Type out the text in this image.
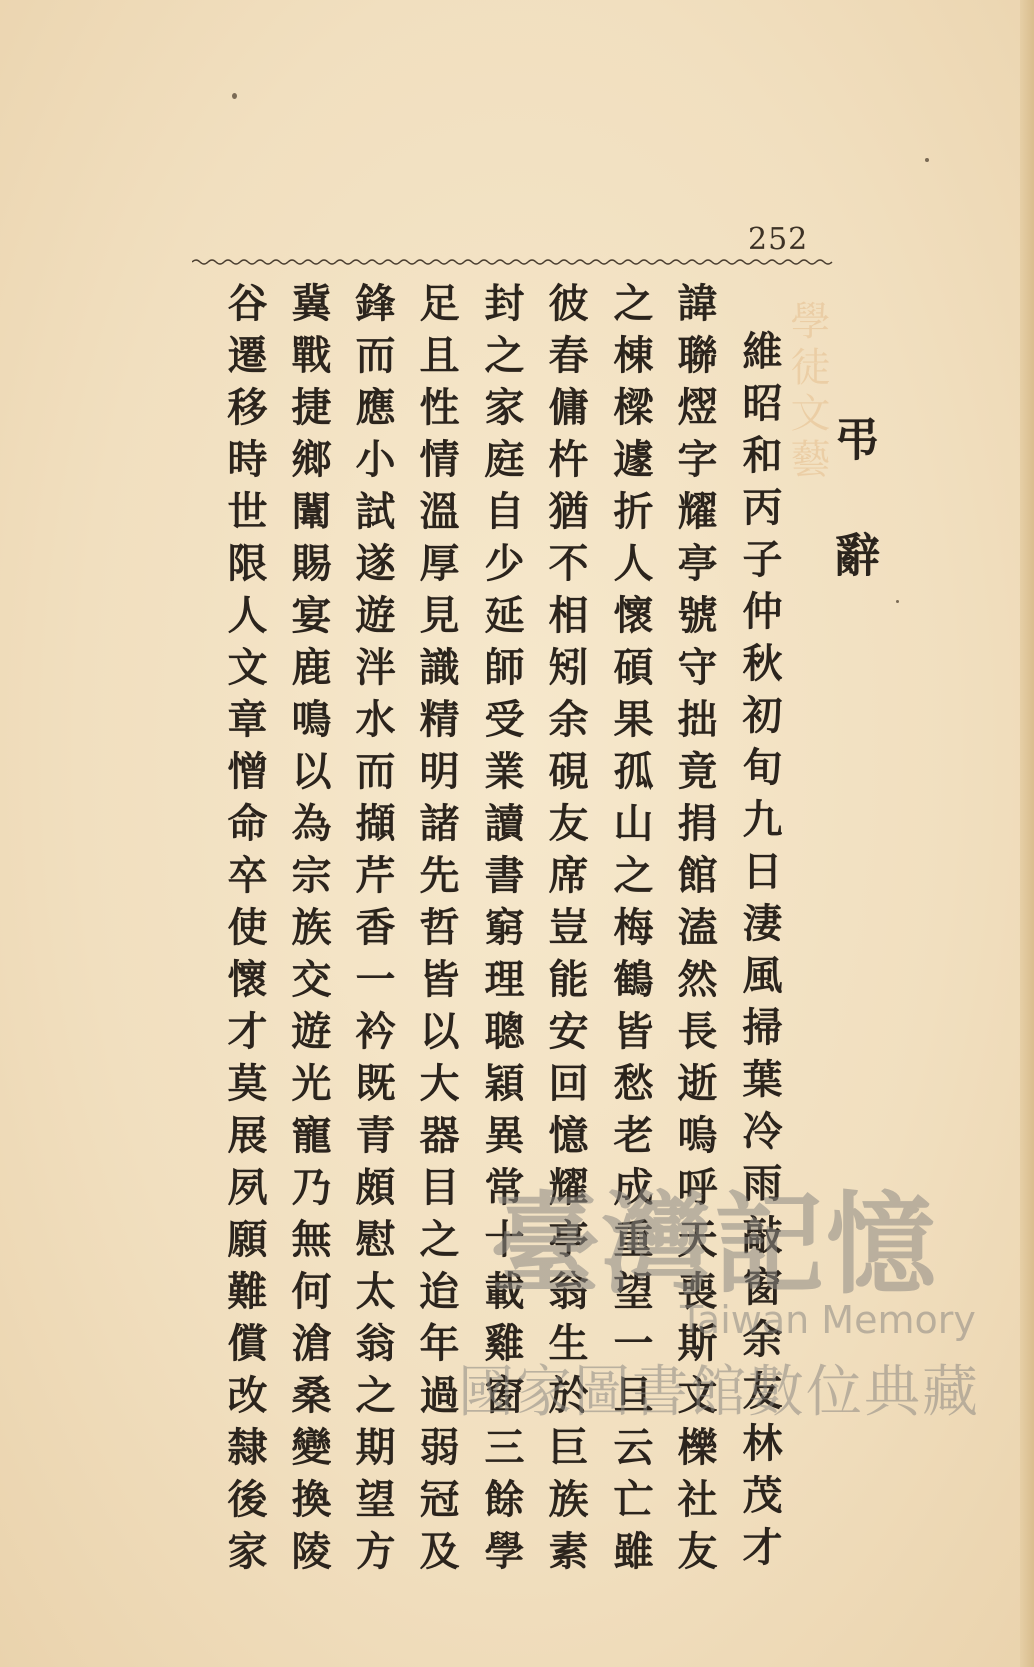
252
學徒文藝
弔辭
維昭和丙子仲秋初旬九日淒風掃葉冷雨敲窗余友林茂才
諱聯熤字耀亭號守拙竟捐館溘然長逝嗚呼天喪斯文櫟社友
之棟樑遽折人懷碩果孤山之梅鶴皆愁老成重望一旦云亡雖
彼春傭杵猶不相矧余硯友席豈能安回憶耀亭翁生於巨族素
封之家庭自少延師受業讀書窮理聰穎異常十載雞窗三餘學
足且性情溫厚見識精明諸先哲皆以大器目之迨年過弱冠及
鋒而應小試遂遊泮水而擷芹香一衿既青頗慰太翁之期望方
冀戰捷鄉闈賜宴鹿鳴以為宗族交遊光寵乃無何滄桑變換陵
谷遷移時世限人文章憎命卒使懷才莫展夙願難償改隸後家 臺灣記憶
Taiwan Memory
國家圖書館數位典藏
